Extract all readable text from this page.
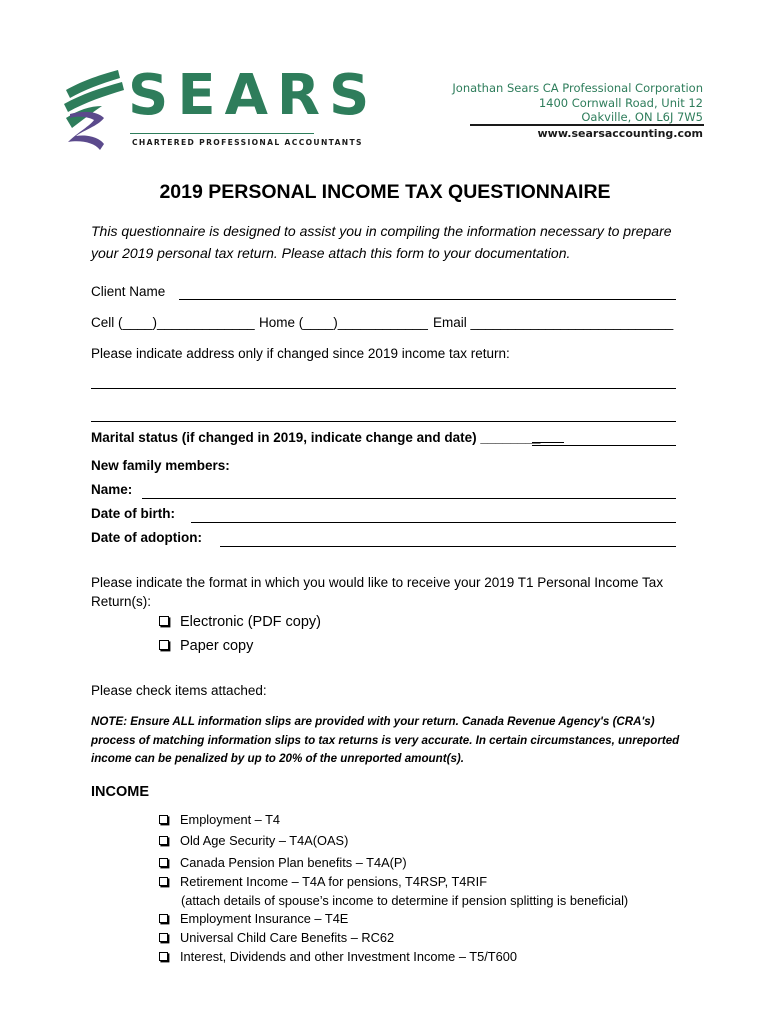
SEARS
CHARTERED PROFESSIONAL ACCOUNTANTS
Jonathan Sears CA Professional Corporation
1400 Cornwall Road, Unit 12
Oakville, ON L6J 7W5
www.searsaccounting.com
2019 PERSONAL INCOME TAX QUESTIONNAIRE
This questionnaire is designed to assist you in compiling the information necessary to prepare your 2019 personal tax return. Please attach this form to your documentation.
Client Name
Cell (____)_____________ Home (____)____________ Email ___________________________
Please indicate address only if changed since 2019 income tax return:
Marital status (if changed in 2019, indicate change and date) ________
New family members:
Name:
Date of birth:
Date of adoption:
Please indicate the format in which you would like to receive your 2019 T1 Personal Income Tax
Return(s):
Electronic (PDF copy)
Paper copy
Please check items attached:
NOTE: Ensure ALL information slips are provided with your return. Canada Revenue Agency's (CRA's) process of matching information slips to tax returns is very accurate. In certain circumstances, unreported income can be penalized by up to 20% of the unreported amount(s).
INCOME
Employment – T4
Old Age Security – T4A(OAS)
Canada Pension Plan benefits – T4A(P)
Retirement Income – T4A for pensions, T4RSP, T4RIF
(attach details of spouse’s income to determine if pension splitting is beneficial)
Employment Insurance – T4E
Universal Child Care Benefits – RC62
Interest, Dividends and other Investment Income – T5/T600
